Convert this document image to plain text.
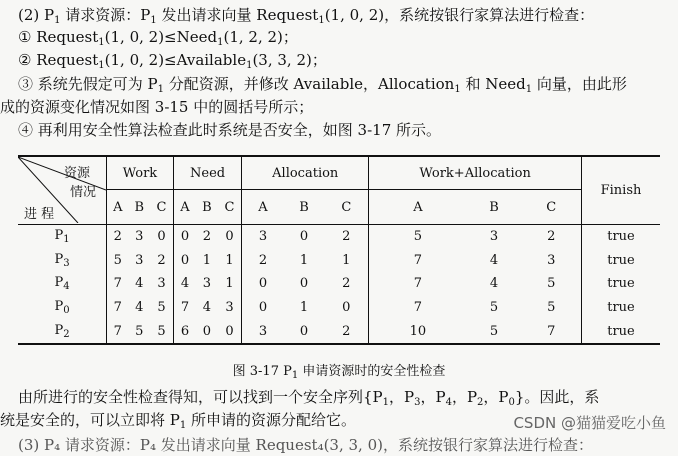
(2) $P_1$ 请求资源：$P_1$ 发出请求向量 Request$_1$(1, 0, 2)，系统按银行家算法进行检查：
① Request$_1$(1, 0, 2)≤Need$_1$(1, 2, 2)；
② Request$_1$(1, 0, 2)≤Available$_1$(3, 3, 2)；
③ 系统先假定可为 $P_1$ 分配资源，并修改 Available，Allocation$_1$ 和 Need$_1$ 向量，由此形
成的资源变化情况如图 3-15 中的圆括号所示；
④ 再利用安全性算法检查此时系统是否安全，如图 3-17 所示。
资源
情况
进 程	Work			Need			Allocation			Work+Allocation			Finish
	A	B	C	A	B	C	A	B	C	A	B	C	
$P_1$	2	3	0	0	2	0	3	0	2	5	3	2	true
$P_3$	5	3	2	0	1	1	2	1	1	7	4	3	true
$P_4$	7	4	3	4	3	1	0	0	2	7	4	5	true
$P_0$	7	4	5	7	4	3	0	1	0	7	5	5	true
$P_2$	7	5	5	6	0	0	3	0	2	10	5	7	true
图 3-17 $P_1$ 申请资源时的安全性检查
由所进行的安全性检查得知，可以找到一个安全序列{$P_1$，$P_3$，$P_4$，$P_2$，$P_0$}。因此，系
统是安全的，可以立即将 $P_1$ 所申请的资源分配给它。
(3) P₄ 请求资源：P₄ 发出请求向量 Request₄(3, 3, 0)，系统按银行家算法进行检查：
CSDN @猫猫爱吃小鱼
